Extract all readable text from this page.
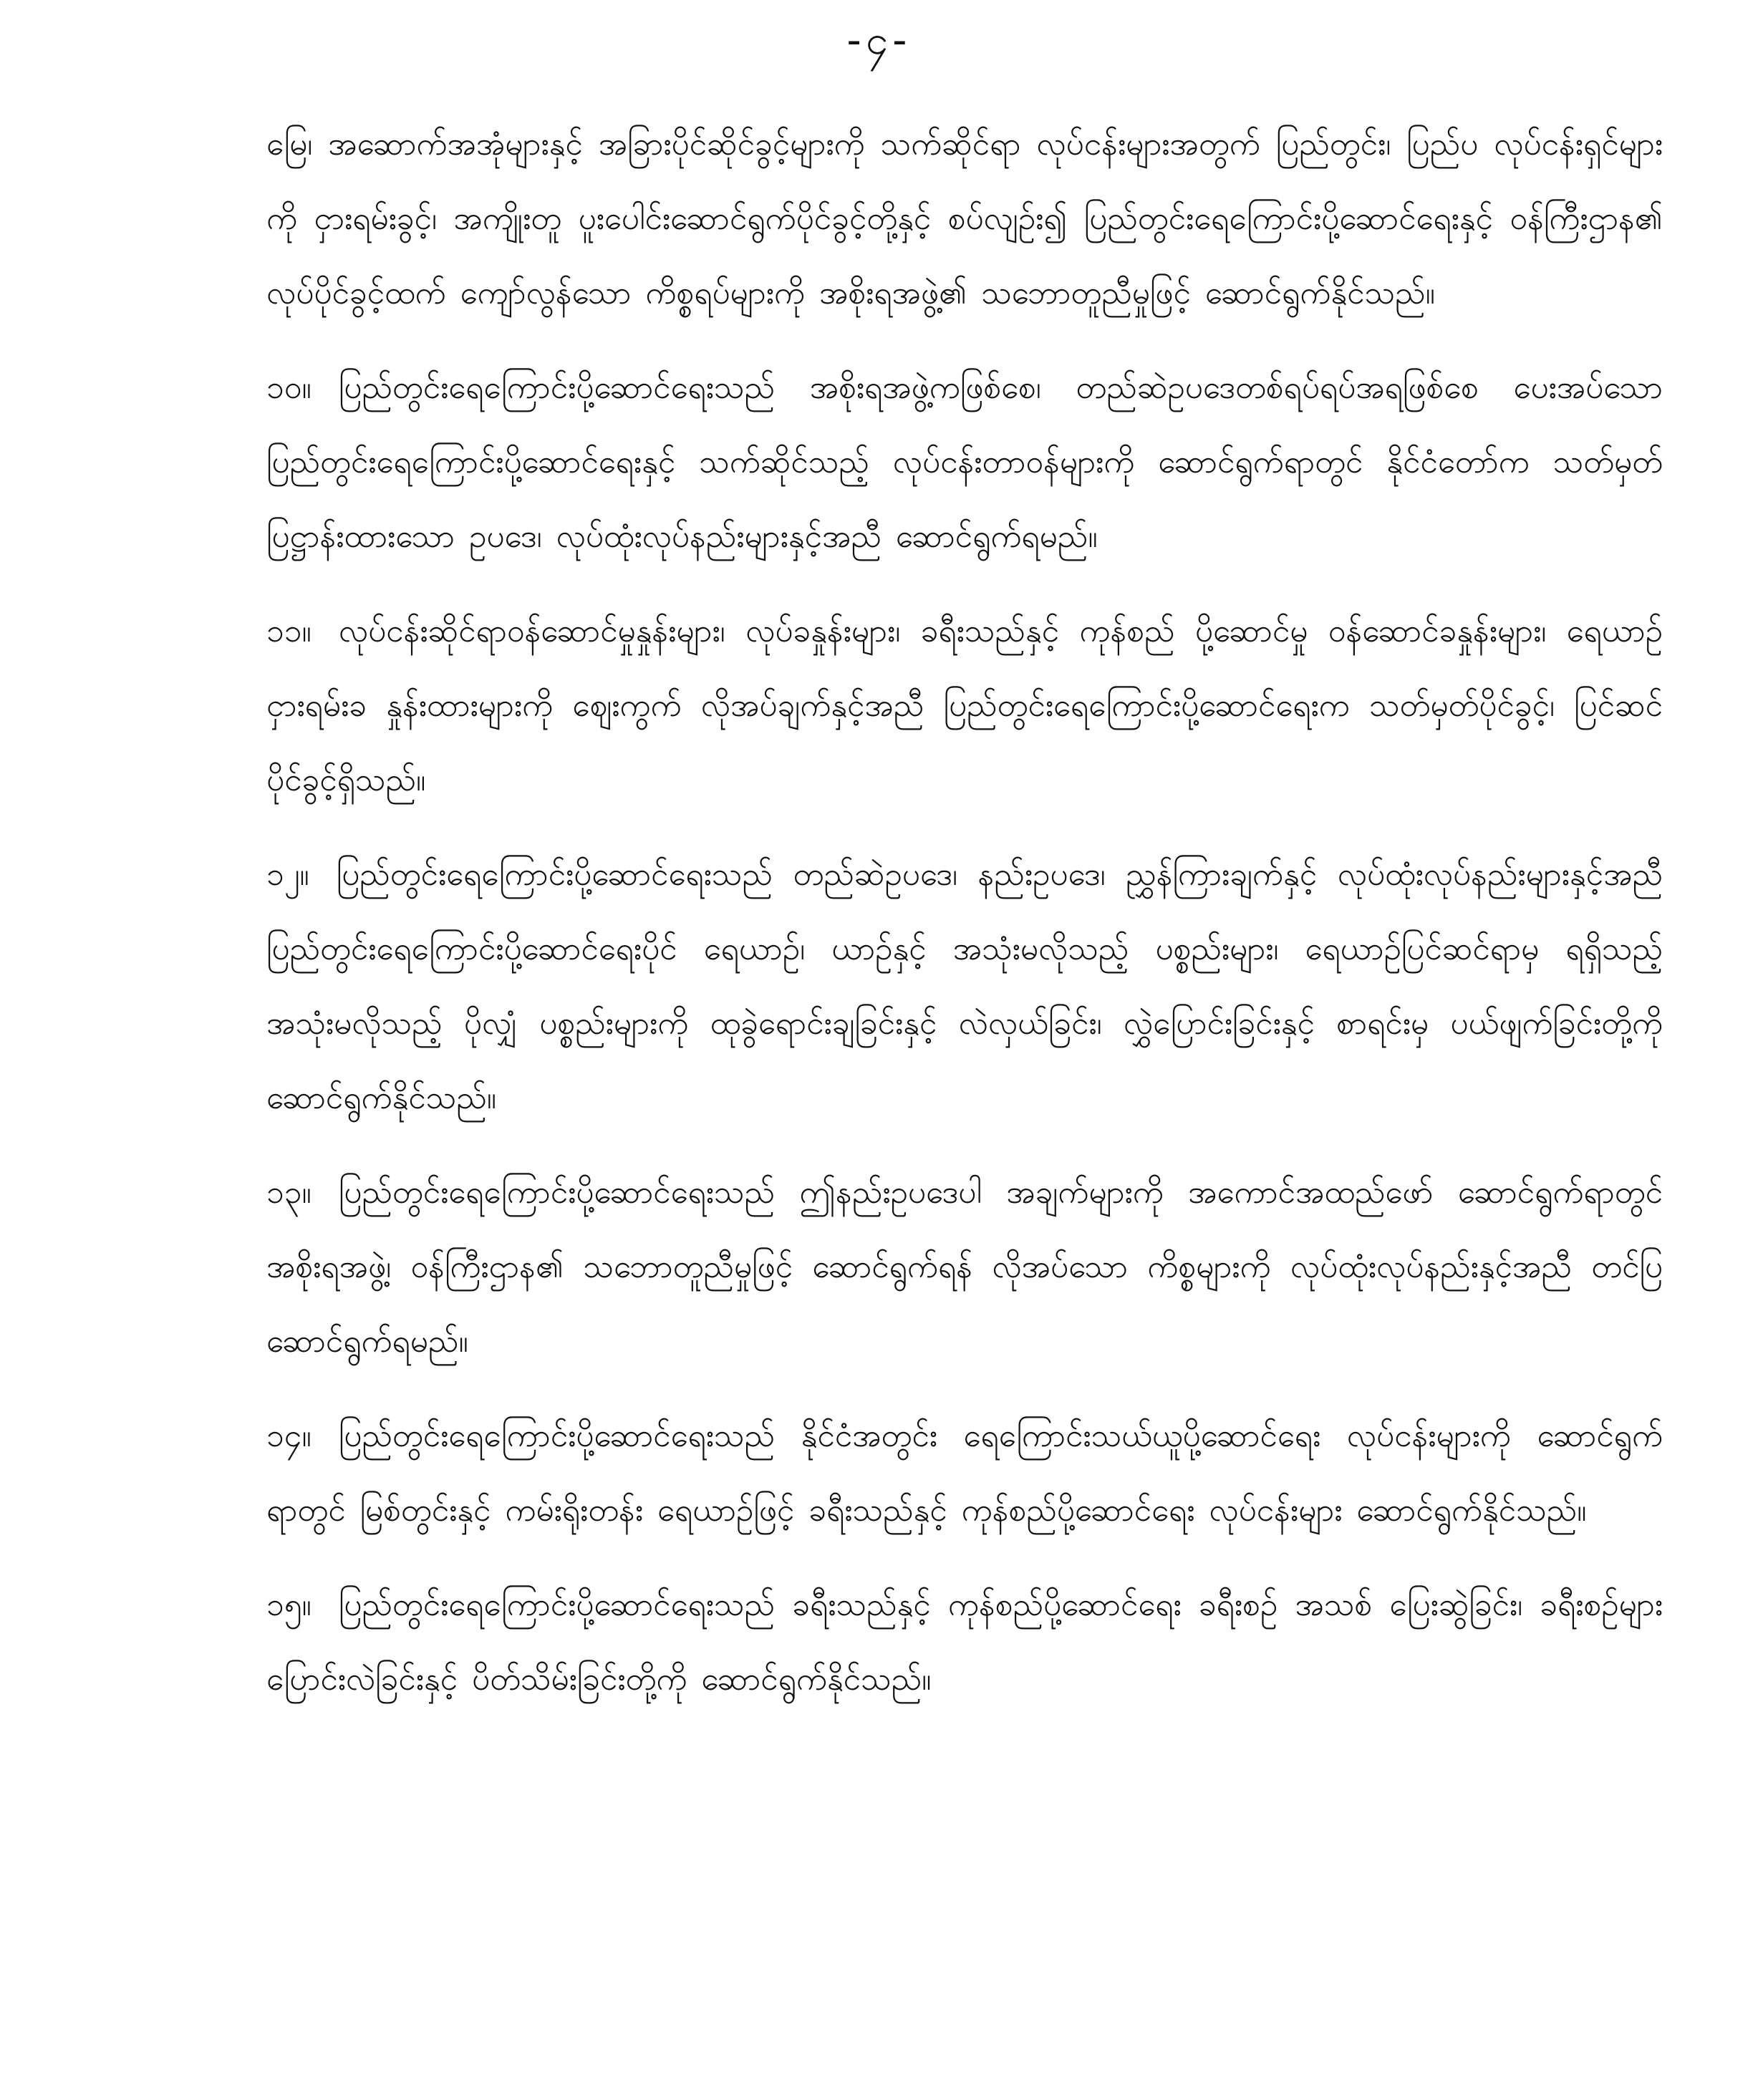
-၄-

မြေ၊ အဆောက်အအုံများနှင့် အခြားပိုင်ဆိုင်ခွင့်များကို သက်ဆိုင်ရာ လုပ်ငန်းများအတွက် ပြည်တွင်း၊ ပြည်ပ လုပ်ငန်းရှင်များကို ငှားရမ်းခွင့်၊ အကျိုးတူ ပူးပေါင်းဆောင်ရွက်ပိုင်ခွင့်တို့နှင့် စပ်လျဉ်း၍ ပြည်တွင်းရေကြောင်းပို့ဆောင်ရေးနှင့် ဝန်ကြီးဌာန၏ လုပ်ပိုင်ခွင့်ထက် ကျော်လွန်သော ကိစ္စရပ်များကို အစိုးရအဖွဲ့၏ သဘောတူညီမှုဖြင့် ဆောင်ရွက်နိုင်သည်။

၁၀။ ပြည်တွင်းရေကြောင်းပို့ဆောင်ရေးသည် အစိုးရအဖွဲ့ကဖြစ်စေ၊ တည်ဆဲဥပဒေတစ်ရပ်ရပ်အရဖြစ်စေ ပေးအပ်သော ပြည်တွင်းရေကြောင်းပို့ဆောင်ရေးနှင့် သက်ဆိုင်သည့် လုပ်ငန်းတာဝန်များကို ဆောင်ရွက်ရာတွင် နိုင်ငံတော်က သတ်မှတ် ပြဋ္ဌာန်းထားသော ဥပဒေ၊ လုပ်ထုံးလုပ်နည်းများနှင့်အညီ ဆောင်ရွက်ရမည်။

၁၁။ လုပ်ငန်းဆိုင်ရာဝန်ဆောင်မှုနှုန်းများ၊ လုပ်ခနှုန်းများ၊ ခရီးသည်နှင့် ကုန်စည် ပို့ဆောင်မှု ဝန်ဆောင်ခနှုန်းများ၊ ရေယာဉ်ငှားရမ်းခ နှုန်းထားများကို ဈေးကွက် လိုအပ်ချက်နှင့်အညီ ပြည်တွင်းရေကြောင်းပို့ဆောင်ရေးက သတ်မှတ်ပိုင်ခွင့်၊ ပြင်ဆင်ပိုင်ခွင့်ရှိသည်။

၁၂။ ပြည်တွင်းရေကြောင်းပို့ဆောင်ရေးသည် တည်ဆဲဥပဒေ၊ နည်းဥပဒေ၊ ညွှန်ကြားချက်နှင့် လုပ်ထုံးလုပ်နည်းများနှင့်အညီ ပြည်တွင်းရေကြောင်းပို့ဆောင်ရေးပိုင် ရေယာဉ်၊ ယာဉ်နှင့် အသုံးမလိုသည့် ပစ္စည်းများ၊ ရေယာဉ်ပြင်ဆင်ရာမှ ရရှိသည့် အသုံးမလိုသည့် ပိုလျှံ ပစ္စည်းများကို ထုခွဲရောင်းချခြင်းနှင့် လဲလှယ်ခြင်း၊ လွှဲပြောင်းခြင်းနှင့် စာရင်းမှ ပယ်ဖျက်ခြင်းတို့ကို ဆောင်ရွက်နိုင်သည်။

၁၃။ ပြည်တွင်းရေကြောင်းပို့ဆောင်ရေးသည် ဤနည်းဥပဒေပါ အချက်များကို အကောင်အထည်ဖော် ဆောင်ရွက်ရာတွင် အစိုးရအဖွဲ့၊ ဝန်ကြီးဌာန၏ သဘောတူညီမှုဖြင့် ဆောင်ရွက်ရန် လိုအပ်သော ကိစ္စများကို လုပ်ထုံးလုပ်နည်းနှင့်အညီ တင်ပြဆောင်ရွက်ရမည်။

၁၄။ ပြည်တွင်းရေကြောင်းပို့ဆောင်ရေးသည် နိုင်ငံအတွင်း ရေကြောင်းသယ်ယူပို့ဆောင်ရေး လုပ်ငန်းများကို ဆောင်ရွက်ရာတွင် မြစ်တွင်းနှင့် ကမ်းရိုးတန်း ရေယာဉ်ဖြင့် ခရီးသည်နှင့် ကုန်စည်ပို့ဆောင်ရေး လုပ်ငန်းများ ဆောင်ရွက်နိုင်သည်။

၁၅။ ပြည်တွင်းရေကြောင်းပို့ဆောင်ရေးသည် ခရီးသည်နှင့် ကုန်စည်ပို့ဆောင်ရေး ခရီးစဉ် အသစ် ပြေးဆွဲခြင်း၊ ခရီးစဉ်များပြောင်းလဲခြင်းနှင့် ပိတ်သိမ်းခြင်းတို့ကို ဆောင်ရွက်နိုင်သည်။
